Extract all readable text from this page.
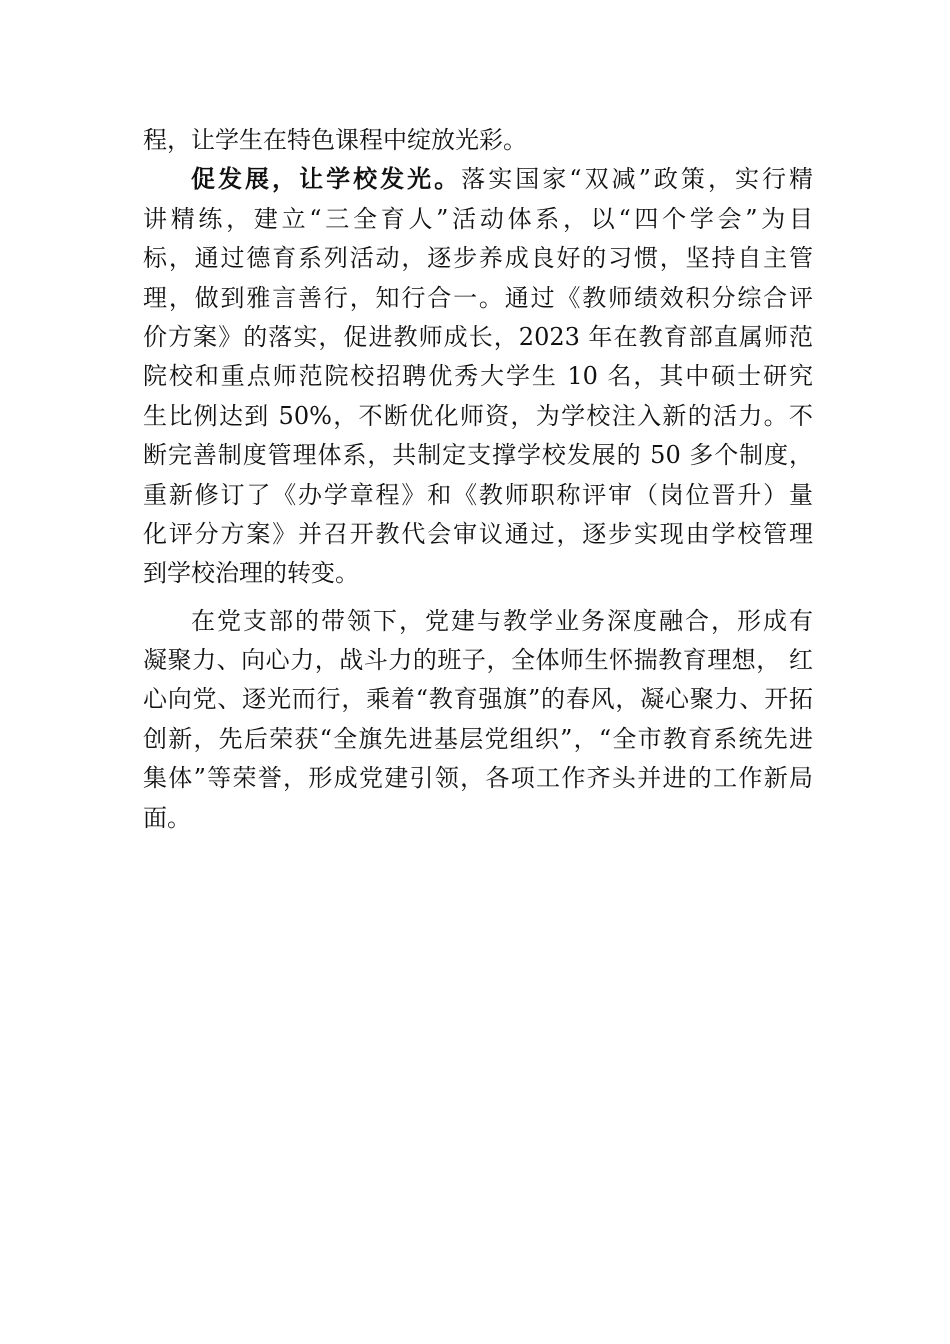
程，让学生在特色课程中绽放光彩。
促发展，让学校发光。落实国家“双减”政策，实行精
讲精练，建立“三全育人”活动体系，以“四个学会”为目
标，通过德育系列活动，逐步养成良好的习惯，坚持自主管
理，做到雅言善行，知行合一。通过《教师绩效积分综合评
价方案》的落实，促进教师成长，2023 年在教育部直属师范
院校和重点师范院校招聘优秀大学生 10 名，其中硕士研究
生比例达到 50%，不断优化师资，为学校注入新的活力。不
断完善制度管理体系，共制定支撑学校发展的 50 多个制度，
重新修订了《办学章程》和《教师职称评审（岗位晋升）量
化评分方案》并召开教代会审议通过，逐步实现由学校管理
到学校治理的转变。
在党支部的带领下，党建与教学业务深度融合，形成有
凝聚力、向心力，战斗力的班子，全体师生怀揣教育理想， 红
心向党、逐光而行，乘着“教育强旗”的春风，凝心聚力、开拓
创新，先后荣获“全旗先进基层党组织”，“全市教育系统先进
集体”等荣誉，形成党建引领，各项工作齐头并进的工作新局
面。
